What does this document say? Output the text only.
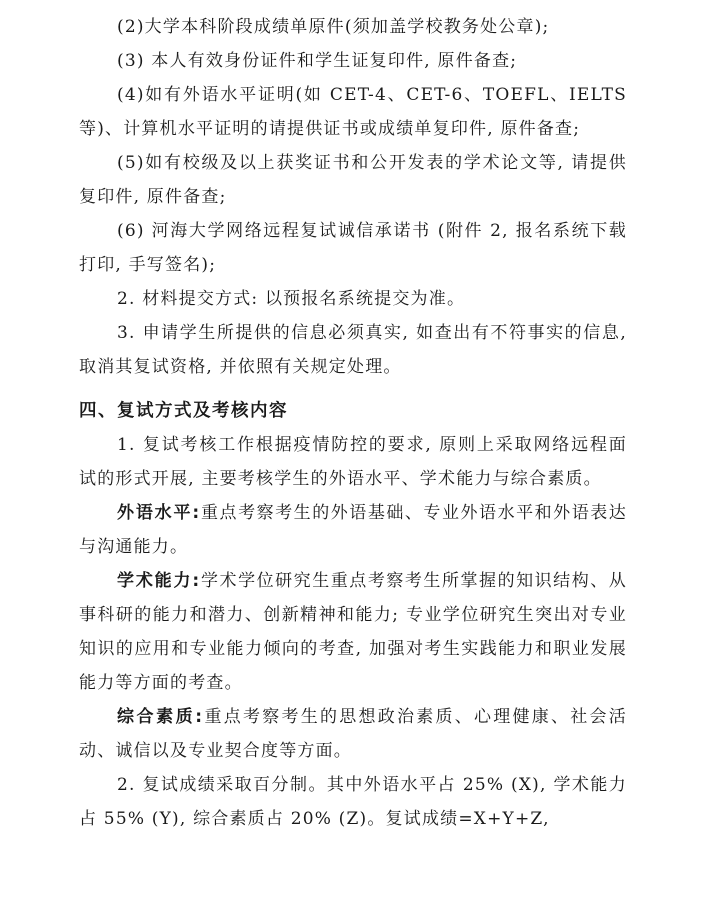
(2)大学本科阶段成绩单原件(须加盖学校教务处公章);

(3) 本人有效身份证件和学生证复印件, 原件备查;

(4)如有外语水平证明(如 CET-4、CET-6、TOEFL、IELTS 等)、计算机水平证明的请提供证书或成绩单复印件, 原件备查;

(5)如有校级及以上获奖证书和公开发表的学术论文等, 请提供复印件, 原件备查;

(6) 河海大学网络远程复试诚信承诺书 (附件 2, 报名系统下载打印, 手写签名);

2. 材料提交方式: 以预报名系统提交为准。

3. 申请学生所提供的信息必须真实, 如查出有不符事实的信息, 取消其复试资格, 并依照有关规定处理。

四、复试方式及考核内容

1. 复试考核工作根据疫情防控的要求, 原则上采取网络远程面试的形式开展, 主要考核学生的外语水平、学术能力与综合素质。

外语水平:重点考察考生的外语基础、专业外语水平和外语表达与沟通能力。

学术能力:学术学位研究生重点考察考生所掌握的知识结构、从事科研的能力和潜力、创新精神和能力; 专业学位研究生突出对专业知识的应用和专业能力倾向的考查, 加强对考生实践能力和职业发展能力等方面的考查。

综合素质:重点考察考生的思想政治素质、心理健康、社会活动、诚信以及专业契合度等方面。

2. 复试成绩采取百分制。其中外语水平占 25% (X), 学术能力占 55% (Y), 综合素质占 20% (Z)。复试成绩=X+Y+Z,
